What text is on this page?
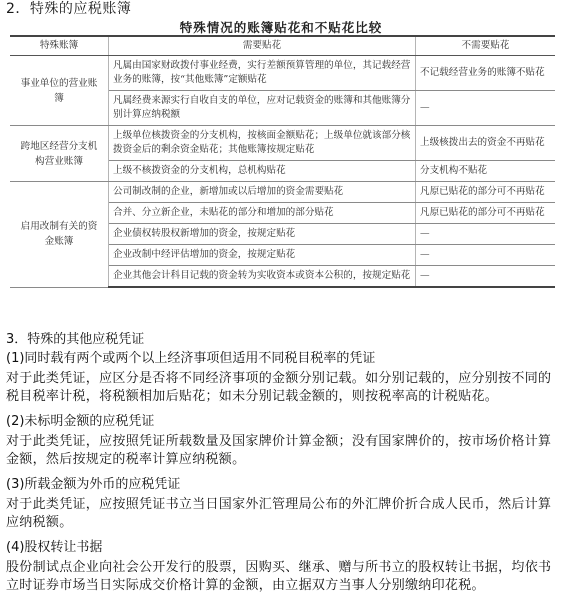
2．特殊的应税账簿
特殊情况的账簿贴花和不贴花比较
特殊账簿	需要贴花	不需要贴花
事业单位的营业账簿	凡属由国家财政拨付事业经费，实行差额预算管理的单位，其记载经营业务的账簿，按“其他账簿”定额贴花	不记载经营业务的账簿不贴花
	凡属经费来源实行自收自支的单位，应对记载资金的账簿和其他账簿分别计算应纳税额	—
跨地区经营分支机构营业账簿	上级单位核拨资金的分支机构，按核面金额贴花；上级单位就该部分核拨资金后的剩余资金贴花；其他账簿按规定贴花	上级核拨出去的资金不再贴花
	上级不核拨资金的分支机构，总机构贴花	分支机构不贴花
启用改制有关的资金账簿	公司制改制的企业，新增加或以后增加的资金需要贴花	凡原已贴花的部分可不再贴花
	合并、分立新企业，未贴花的部分和增加的部分贴花	凡原已贴花的部分可不再贴花
	企业债权转股权新增加的资金，按规定贴花	—
	企业改制中经评估增加的资金，按规定贴花	—
	企业其他会计科目记载的资金转为实收资本或资本公积的，按规定贴花	—
3．特殊的其他应税凭证
(1)同时载有两个或两个以上经济事项但适用不同税目税率的凭证
对于此类凭证，应区分是否将不同经济事项的金额分别记载。如分别记载的，应分别按不同的税目税率计税，将税额相加后贴花；如未分别记载金额的，则按税率高的计税贴花。
(2)未标明金额的应税凭证
对于此类凭证，应按照凭证所载数量及国家牌价计算金额；没有国家牌价的，按市场价格计算金额，然后按规定的税率计算应纳税额。
(3)所载金额为外币的应税凭证
对于此类凭证，应按照凭证书立当日国家外汇管理局公布的外汇牌价折合成人民币，然后计算应纳税额。
(4)股权转让书据
股份制试点企业向社会公开发行的股票，因购买、继承、赠与所书立的股权转让书据，均依书立时证券市场当日实际成交价格计算的金额，由立据双方当事人分别缴纳印花税。
